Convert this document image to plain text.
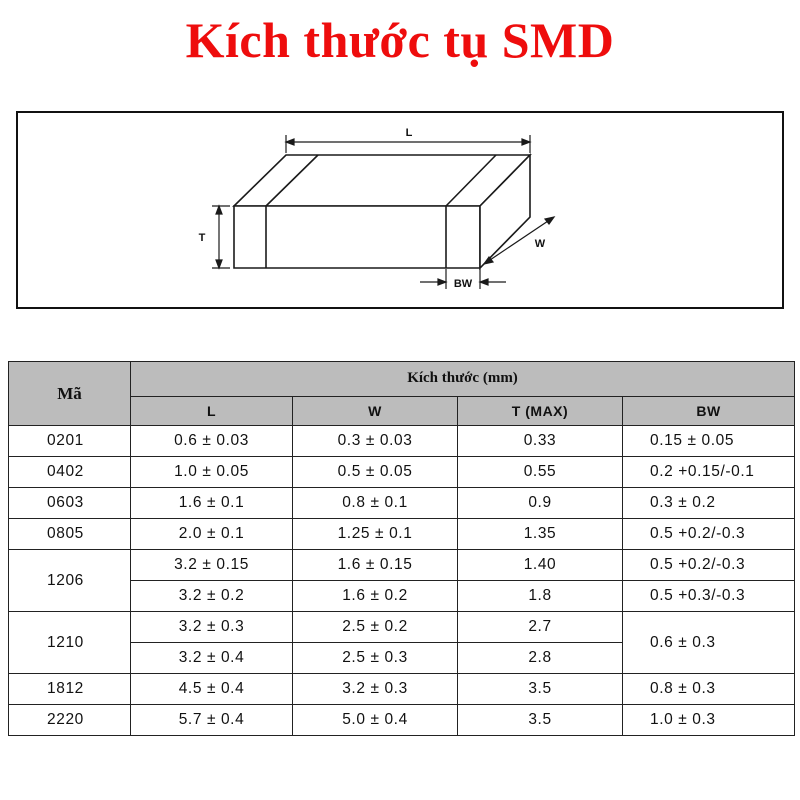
Kích thước tụ SMD
L
T	W
BW
Mã	Kích thước (mm)			
	L	W	T (MAX)	BW
0201	0.6 ± 0.03	0.3 ± 0.03	0.33	0.15 ± 0.05
0402	1.0 ± 0.05	0.5 ± 0.05	0.55	0.2 +0.15/-0.1
0603	1.6 ± 0.1	0.8 ± 0.1	0.9	0.3 ± 0.2
0805	2.0 ± 0.1	1.25 ± 0.1	1.35	0.5 +0.2/-0.3
1206	3.2 ± 0.15	1.6 ± 0.15	1.40	0.5 +0.2/-0.3
	3.2 ± 0.2	1.6 ± 0.2	1.8	0.5 +0.3/-0.3
1210	3.2 ± 0.3	2.5 ± 0.2	2.7	0.6 ± 0.3
	3.2 ± 0.4	2.5 ± 0.3	2.8	
1812	4.5 ± 0.4	3.2 ± 0.3	3.5	0.8 ± 0.3
2220	5.7 ± 0.4	5.0 ± 0.4	3.5	1.0 ± 0.3
